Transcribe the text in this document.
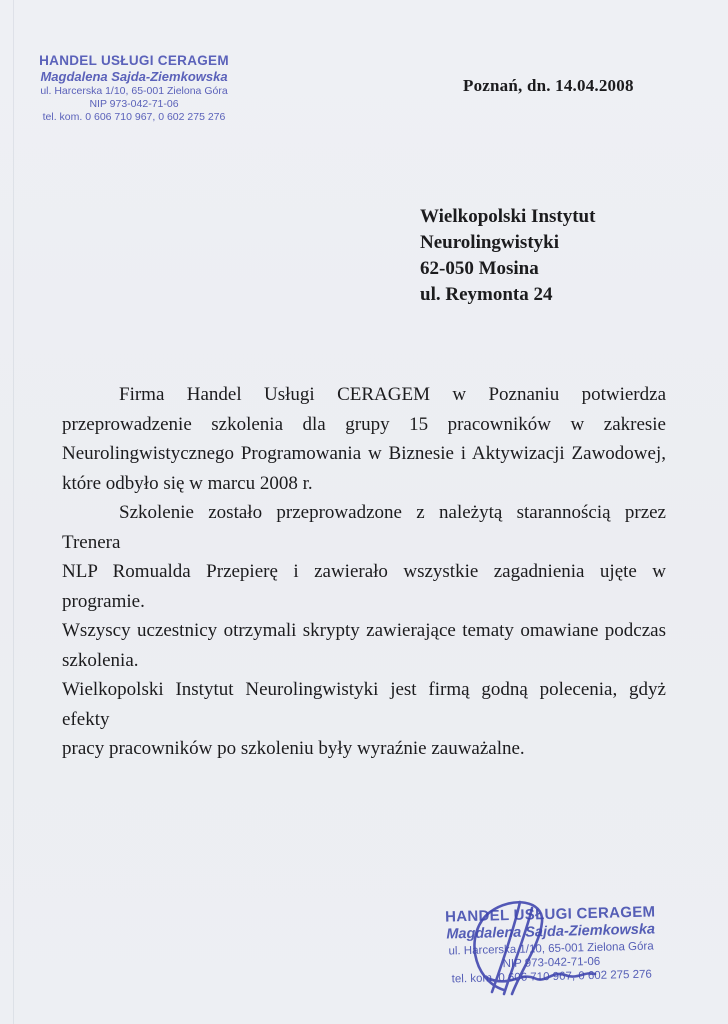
HANDEL USŁUGI CERAGEM
Magdalena Sajda-Ziemkowska
ul. Harcerska 1/10, 65-001 Zielona Góra
NIP 973-042-71-06
tel. kom. 0 606 710 967, 0 602 275 276
Poznań, dn. 14.04.2008
Wielkopolski Instytut
Neurolingwistyki
62-050 Mosina
ul. Reymonta 24
Firma Handel Usługi CERAGEM w Poznaniu potwierdza
przeprowadzenie szkolenia dla grupy 15 pracowników w zakresie
Neurolingwistycznego Programowania w Biznesie i Aktywizacji Zawodowej,
które odbyło się w marcu 2008 r.
Szkolenie zostało przeprowadzone z należytą starannością przez Trenera
NLP Romualda Przepierę i zawierało wszystkie zagadnienia ujęte w programie.
Wszyscy uczestnicy otrzymali skrypty zawierające tematy omawiane podczas
szkolenia.
Wielkopolski Instytut Neurolingwistyki jest firmą godną polecenia, gdyż efekty
pracy pracowników po szkoleniu były wyraźnie zauważalne.
HANDEL USŁUGI CERAGEM
Magdalena Sajda-Ziemkowska
ul. Harcerska 1/10, 65-001 Zielona Góra
NIP 973-042-71-06
tel. kom. 0 606 710 967, 0 602 275 276
